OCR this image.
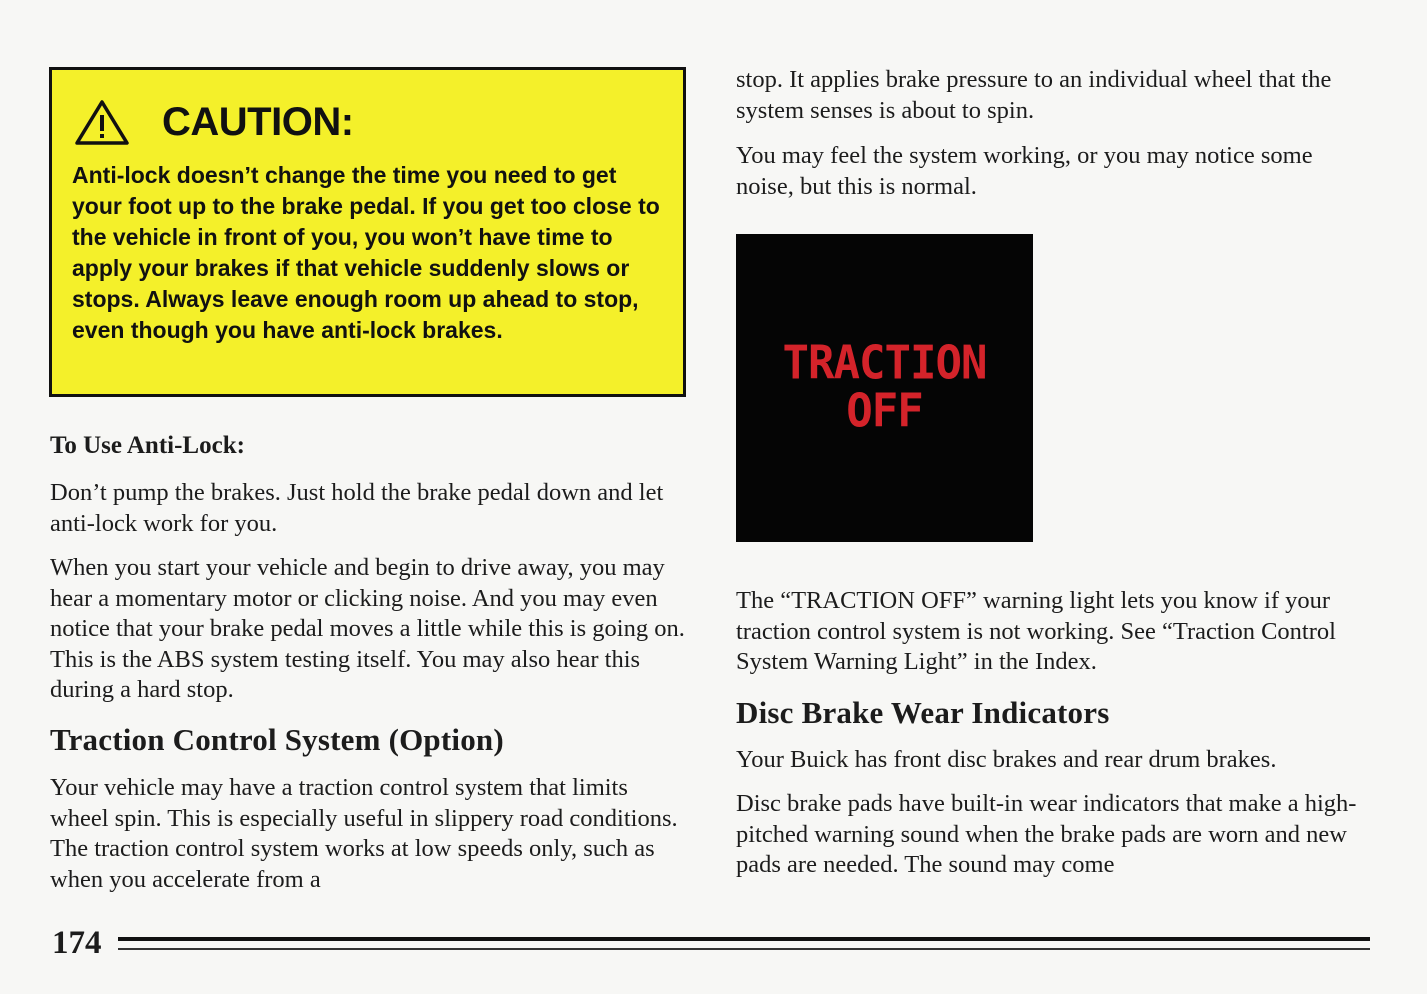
CAUTION:

Anti-lock doesn’t change the time you need to get your foot up to the brake pedal. If you get too close to the vehicle in front of you, you won’t have time to apply your brakes if that vehicle suddenly slows or stops. Always leave enough room up ahead to stop, even though you have anti-lock brakes.

To Use Anti-Lock:

Don’t pump the brakes. Just hold the brake pedal down and let anti-lock work for you.

When you start your vehicle and begin to drive away, you may hear a momentary motor or clicking noise. And you may even notice that your brake pedal moves a little while this is going on. This is the ABS system testing itself. You may also hear this during a hard stop.

Traction Control System (Option)

Your vehicle may have a traction control system that limits wheel spin. This is especially useful in slippery road conditions. The traction control system works at low speeds only, such as when you accelerate from a

stop. It applies brake pressure to an individual wheel that the system senses is about to spin.

You may feel the system working, or you may notice some noise, but this is normal.

TRACTION
OFF

The “TRACTION OFF” warning light lets you know if your traction control system is not working. See “Traction Control System Warning Light” in the Index.

Disc Brake Wear Indicators

Your Buick has front disc brakes and rear drum brakes.

Disc brake pads have built-in wear indicators that make a high-pitched warning sound when the brake pads are worn and new pads are needed. The sound may come

174
